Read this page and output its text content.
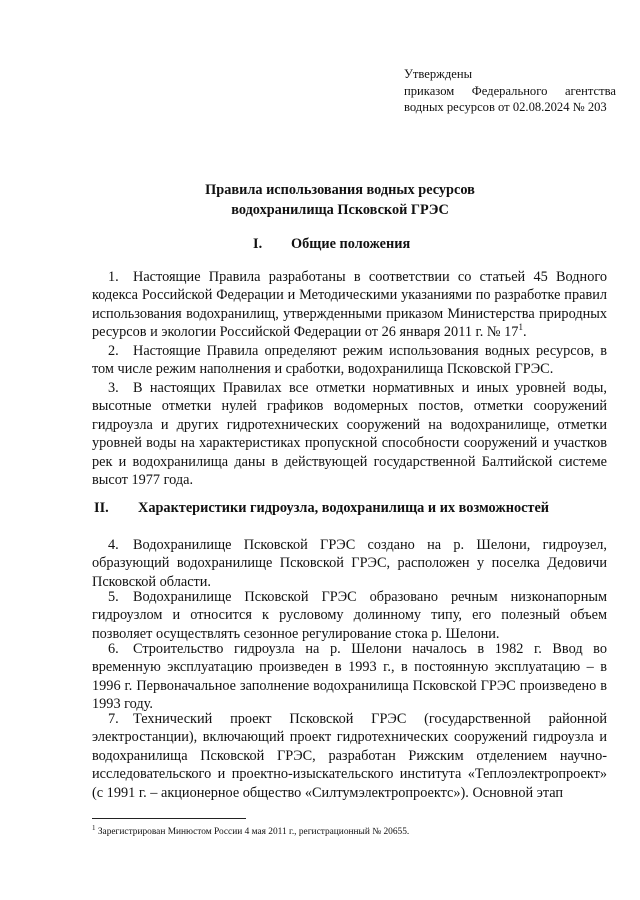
Утверждены
приказом Федерального агентства
водных ресурсов от 02.08.2024 № 203
Правила использования водных ресурсов
водохранилища Псковской ГРЭС
I. Общие положения
1. Настоящие Правила разработаны в соответствии со статьей 45 Водного кодекса Российской Федерации и Методическими указаниями по разработке правил использования водохранилищ, утвержденными приказом Министерства природных ресурсов и экологии Российской Федерации от 26 января 2011 г. № $17^1$.
2. Настоящие Правила определяют режим использования водных ресурсов, в том числе режим наполнения и сработки, водохранилища Псковской ГРЭС.
3. В настоящих Правилах все отметки нормативных и иных уровней воды, высотные отметки нулей графиков водомерных постов, отметки сооружений гидроузла и других гидротехнических сооружений на водохранилище, отметки уровней воды на характеристиках пропускной способности сооружений и участков рек и водохранилища даны в действующей государственной Балтийской системе высот 1977 года.
II. Характеристики гидроузла, водохранилища и их возможностей
4. Водохранилище Псковской ГРЭС создано на р. Шелони, гидроузел, образующий водохранилище Псковской ГРЭС, расположен у поселка Дедовичи Псковской области.
5. Водохранилище Псковской ГРЭС образовано речным низконапорным гидроузлом и относится к русловому долинному типу, его полезный объем позволяет осуществлять сезонное регулирование стока р. Шелони.
6. Строительство гидроузла на р. Шелони началось в 1982 г. Ввод во временную эксплуатацию произведен в 1993 г., в постоянную эксплуатацию – в 1996 г. Первоначальное заполнение водохранилища Псковской ГРЭС произведено в 1993 году.
7. Технический проект Псковской ГРЭС (государственной районной электростанции), включающий проект гидротехнических сооружений гидроузла и водохранилища Псковской ГРЭС, разработан Рижским отделением научно-исследовательского и проектно-изыскательского института «Теплоэлектропроект» (с 1991 г. – акционерное общество «Силтумэлектропроектс»). Основной этап
$^1$ Зарегистрирован Минюстом России 4 мая 2011 г., регистрационный № 20655.
